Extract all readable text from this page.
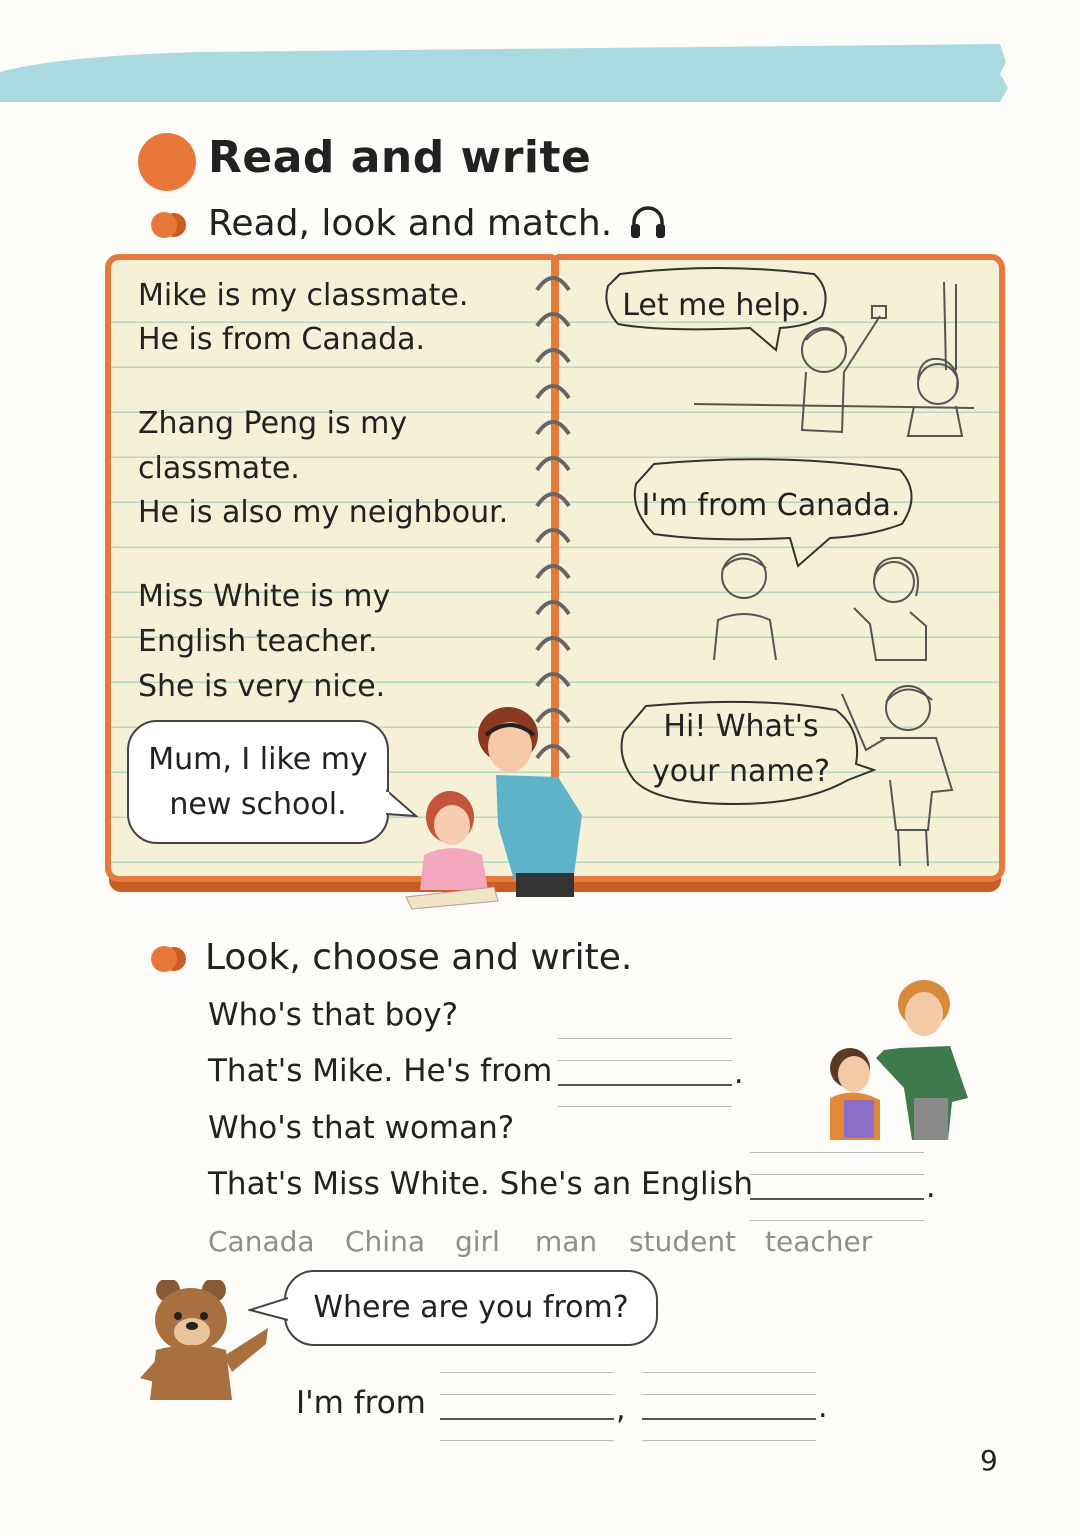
Read and write
Read, look and match.
Mike is my classmate.
He is from Canada.
Zhang Peng is my
classmate.
He is also my neighbour.
Miss White is my
English teacher.
She is very nice.
Mum, I like my
new school.
Let me help.
I'm from Canada.
Hi! What's
your name?
Look, choose and write.
Who's that boy?
That's Mike. He's from	.
Who's that woman?
That's Miss White. She's an English	.
Canada China girl man student teacher
Where are you from?
I'm from	,	.
9
